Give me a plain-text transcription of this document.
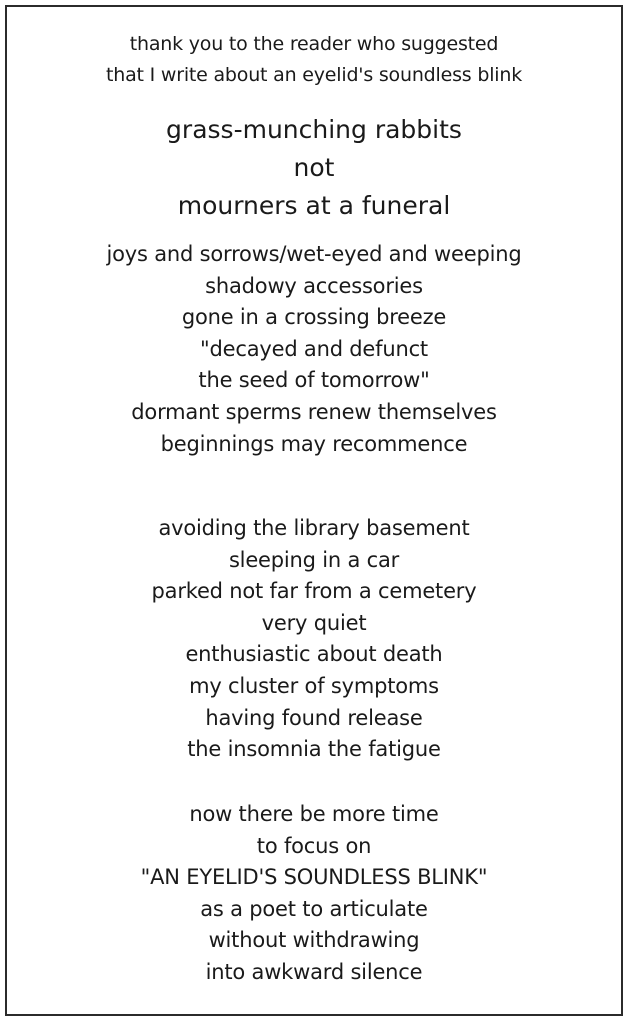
thank you to the reader who suggested
that I write about an eyelid's soundless blink
grass-munching rabbits
not
mourners at a funeral
joys and sorrows/wet-eyed and weeping
shadowy accessories
gone in a crossing breeze
"decayed and defunct
the seed of tomorrow"
dormant sperms renew themselves
beginnings may recommence
avoiding the library basement
sleeping in a car
parked not far from a cemetery
very quiet
enthusiastic about death
my cluster of symptoms
having found release
the insomnia the fatigue
now there be more time
to focus on
"AN EYELID'S SOUNDLESS BLINK"
as a poet to articulate
without withdrawing
into awkward silence
